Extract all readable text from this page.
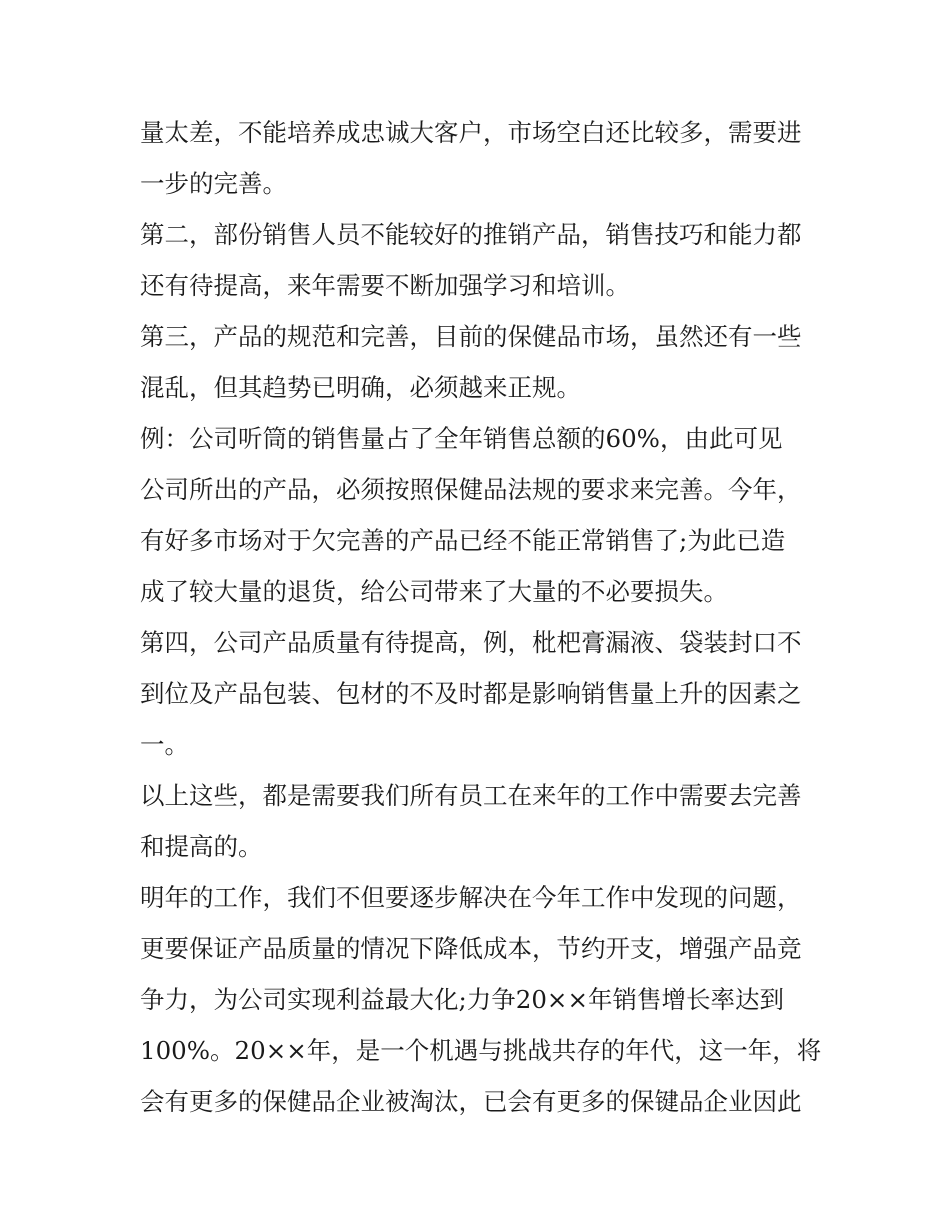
量太差，不能培养成忠诚大客户，市场空白还比较多，需要进
一步的完善。
第二，部份销售人员不能较好的推销产品，销售技巧和能力都
还有待提高，来年需要不断加强学习和培训。
第三，产品的规范和完善，目前的保健品市场，虽然还有一些
混乱，但其趋势已明确，必须越来正规。
例：公司听筒的销售量占了全年销售总额的60%，由此可见
公司所出的产品，必须按照保健品法规的要求来完善。今年，
有好多市场对于欠完善的产品已经不能正常销售了;为此已造
成了较大量的退货，给公司带来了大量的不必要损失。
第四，公司产品质量有待提高，例，枇杷膏漏液、袋装封口不
到位及产品包装、包材的不及时都是影响销售量上升的因素之
一。
以上这些，都是需要我们所有员工在来年的工作中需要去完善
和提高的。
明年的工作，我们不但要逐步解决在今年工作中发现的问题，
更要保证产品质量的情况下降低成本，节约开支，增强产品竞
争力，为公司实现利益最大化;力争20××年销售增长率达到
100%。20××年，是一个机遇与挑战共存的年代，这一年，将
会有更多的保健品企业被淘汰，已会有更多的保键品企业因此
